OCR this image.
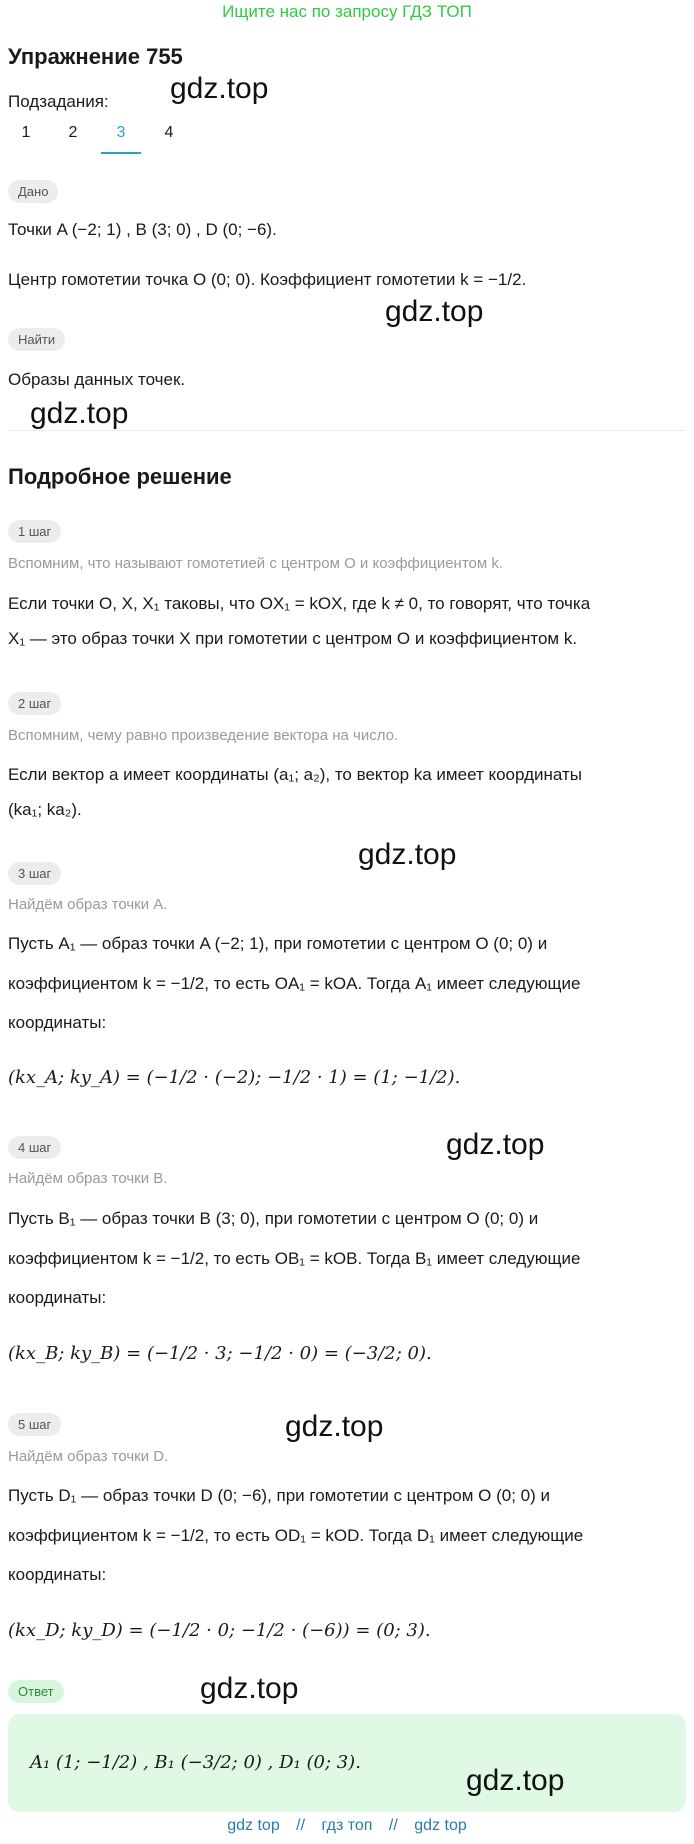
Ищите нас по запросу ГДЗ ТОП
Упражнение 755
Подзадания: gdz.top
1	2	3	4
Дано
Точки A (−2; 1) , B (3; 0) , D (0; −6).
Центр гомотетии точка O (0; 0). Коэффициент гомотетии k = −1/2.
gdz.top
Найти
Образы данных точек.
gdz.top
Подробное решение
1 шаг
Вспомним, что называют гомотетией с центром O и коэффициентом k.
Если точки O, X, X₁ таковы, что OX₁ = kOX, где k ≠ 0, то говорят, что точка
X₁ — это образ точки X при гомотетии с центром O и коэффициентом k.
2 шаг
Вспомним, чему равно произведение вектора на число.
Если вектор a имеет координаты (a₁; a₂), то вектор ka имеет координаты
(ka₁; ka₂).
gdz.top
3 шаг
Найдём образ точки A.
Пусть A₁ — образ точки A (−2; 1), при гомотетии с центром O (0; 0) и
коэффициентом k = −1/2, то есть OA₁ = kOA. Тогда A₁ имеет следующие
координаты:
(kx_A; ky_A) = (−1/2 · (−2); −1/2 · 1) = (1; −1/2).
4 шаг	gdz.top
Найдём образ точки B.
Пусть B₁ — образ точки B (3; 0), при гомотетии с центром O (0; 0) и
коэффициентом k = −1/2, то есть OB₁ = kOB. Тогда B₁ имеет следующие
координаты:
(kx_B; ky_B) = (−1/2 · 3; −1/2 · 0) = (−3/2; 0).
5 шаг	gdz.top
Найдём образ точки D.
Пусть D₁ — образ точки D (0; −6), при гомотетии с центром O (0; 0) и
коэффициентом k = −1/2, то есть OD₁ = kOD. Тогда D₁ имеет следующие
координаты:
(kx_D; ky_D) = (−1/2 · 0; −1/2 · (−6)) = (0; 3).
Ответ	gdz.top
A₁ (1; −1/2) , B₁ (−3/2; 0) , D₁ (0; 3).
gdz.top
gdz top // гдз топ // gdz top
